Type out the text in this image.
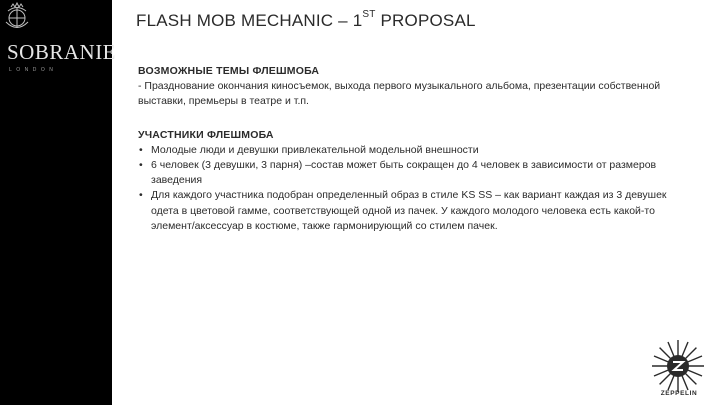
SOBRANIE
LONDON
FLASH MOB MECHANIC – 1ST PROPOSAL
ВОЗМОЖНЫЕ ТЕМЫ ФЛЕШМОБА

- Празднование окончания киносъемок, выхода первого музыкального альбома, презентации собственной выставки, премьеры в театре и т.п.

УЧАСТНИКИ ФЛЕШМОБА
• Молодые люди и девушки привлекательной модельной внешности
• 6 человек (3 девушки, 3 парня) –состав может быть сокращен до 4 человек в зависимости от размеров заведения
• Для каждого участника подобран определенный образ в стиле KS SS – как вариант каждая из 3 девушек одета в цветовой гамме, соответствующей одной из пачек. У каждого молодого человека есть какой-то элемент/аксессуар в костюме, также гармонирующий со стилем пачек.
ZEPPELIN
